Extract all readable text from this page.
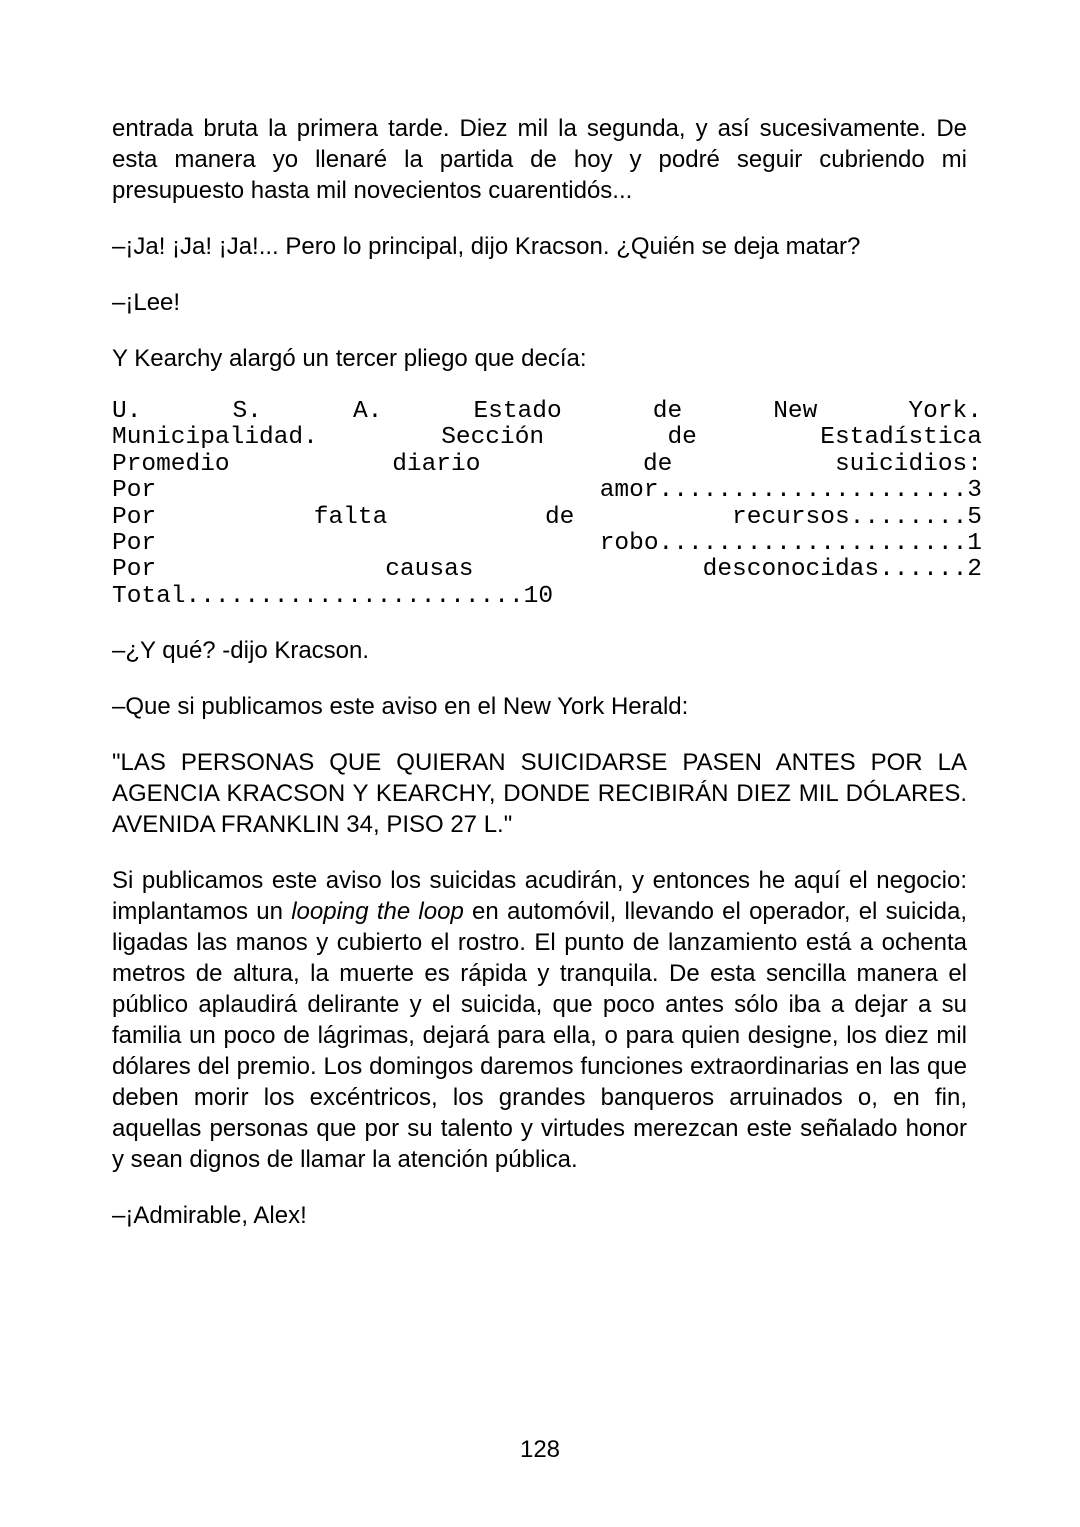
entrada bruta la primera tarde. Diez mil la segunda, y así sucesivamente. De esta manera yo llenaré la partida de hoy y podré seguir cubriendo mi presupuesto hasta mil novecientos cuarentidós...

–¡Ja! ¡Ja! ¡Ja!... Pero lo principal, dijo Kracson. ¿Quién se deja matar?

–¡Lee!

Y Kearchy alargó un tercer pliego que decía:

U.	S.	A.	Estado	de	New	York.
Municipalidad.	Sección	de	Estadística
Promedio	diario	de	suicidios:
Por	amor.....................3
Por	falta	de	recursos........5
Por	robo.....................1
Por	causas	desconocidas......2
Total.......................10

–¿Y qué? -dijo Kracson.

–Que si publicamos este aviso en el New York Herald:

"LAS PERSONAS QUE QUIERAN SUICIDARSE PASEN ANTES POR LA AGENCIA KRACSON Y KEARCHY, DONDE RECIBIRÁN DIEZ MIL DÓLARES. AVENIDA FRANKLIN 34, PISO 27 L."

Si publicamos este aviso los suicidas acudirán, y entonces he aquí el negocio: implantamos un looping the loop en automóvil, llevando el operador, el suicida, ligadas las manos y cubierto el rostro. El punto de lanzamiento está a ochenta metros de altura, la muerte es rápida y tranquila. De esta sencilla manera el público aplaudirá delirante y el suicida, que poco antes sólo iba a dejar a su familia un poco de lágrimas, dejará para ella, o para quien designe, los diez mil dólares del premio. Los domingos daremos funciones extraordinarias en las que deben morir los excéntricos, los grandes banqueros arruinados o, en fin, aquellas personas que por su talento y virtudes merezcan este señalado honor y sean dignos de llamar la atención pública.

–¡Admirable, Alex!

128
